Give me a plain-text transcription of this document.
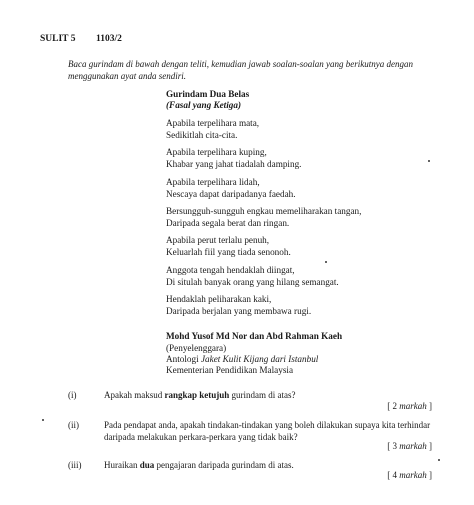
SULIT 5 1103/2
Baca gurindam di bawah dengan teliti, kemudian jawab soalan-soalan yang berikutnya dengan menggunakan ayat anda sendiri.
Gurindam Dua Belas
(Fasal yang Ketiga)
Apabila terpelihara mata,
Sedikitlah cita-cita.
Apabila terpelihara kuping,
Khabar yang jahat tiadalah damping.
Apabila terpelihara lidah,
Nescaya dapat daripadanya faedah.
Bersungguh-sungguh engkau memeliharakan tangan,
Daripada segala berat dan ringan.
Apabila perut terlalu penuh,
Keluarlah fiil yang tiada senonoh.
Anggota tengah hendaklah diingat,
Di situlah banyak orang yang hilang semangat.
Hendaklah peliharakan kaki,
Daripada berjalan yang membawa rugi.
Mohd Yusof Md Nor dan Abd Rahman Kaeh
(Penyelenggara)
Antologi Jaket Kulit Kijang dari Istanbul
Kementerian Pendidikan Malaysia
(i)	Apakah maksud rangkap ketujuh gurindam di atas?
[ 2 markah ]
(ii)	Pada pendapat anda, apakah tindakan-tindakan yang boleh dilakukan supaya kita terhindar daripada melakukan perkara-perkara yang tidak baik?
[ 3 markah ]
(iii)	Huraikan dua pengajaran daripada gurindam di atas.
[ 4 markah ]
